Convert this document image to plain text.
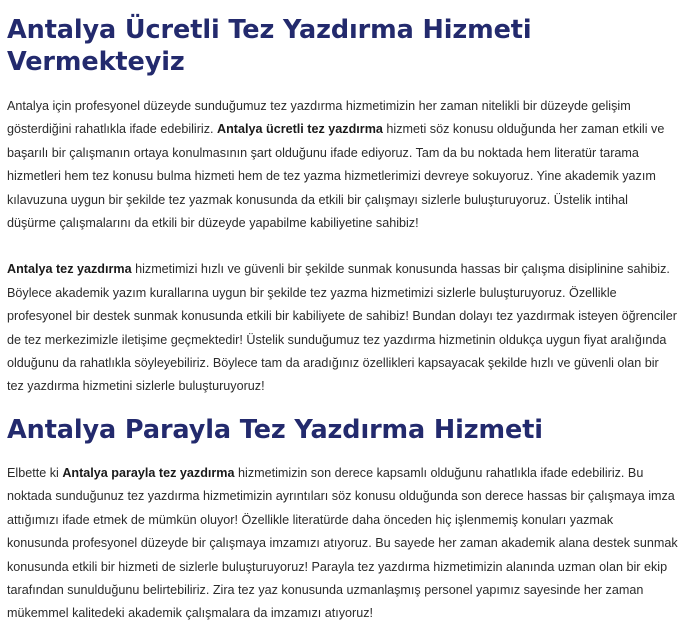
Antalya Ücretli Tez Yazdırma Hizmeti Vermekteyiz

Antalya için profesyonel düzeyde sunduğumuz tez yazdırma hizmetimizin her zaman nitelikli bir düzeyde gelişim gösterdiğini rahatlıkla ifade edebiliriz. Antalya ücretli tez yazdırma hizmeti söz konusu olduğunda her zaman etkili ve başarılı bir çalışmanın ortaya konulmasının şart olduğunu ifade ediyoruz. Tam da bu noktada hem literatür tarama hizmetleri hem tez konusu bulma hizmeti hem de tez yazma hizmetlerimizi devreye sokuyoruz. Yine akademik yazım kılavuzuna uygun bir şekilde tez yazmak konusunda da etkili bir çalışmayı sizlerle buluşturuyoruz. Üstelik intihal düşürme çalışmalarını da etkili bir düzeyde yapabilme kabiliyetine sahibiz!

Antalya tez yazdırma hizmetimizi hızlı ve güvenli bir şekilde sunmak konusunda hassas bir çalışma disiplinine sahibiz. Böylece akademik yazım kurallarına uygun bir şekilde tez yazma hizmetimizi sizlerle buluşturuyoruz. Özellikle profesyonel bir destek sunmak konusunda etkili bir kabiliyete de sahibiz! Bundan dolayı tez yazdırmak isteyen öğrenciler de tez merkezimizle iletişime geçmektedir! Üstelik sunduğumuz tez yazdırma hizmetinin oldukça uygun fiyat aralığında olduğunu da rahatlıkla söyleyebiliriz. Böylece tam da aradığınız özellikleri kapsayacak şekilde hızlı ve güvenli olan bir tez yazdırma hizmetini sizlerle buluşturuyoruz!

Antalya Parayla Tez Yazdırma Hizmeti

Elbette ki Antalya parayla tez yazdırma hizmetimizin son derece kapsamlı olduğunu rahatlıkla ifade edebiliriz. Bu noktada sunduğunuz tez yazdırma hizmetimizin ayrıntıları söz konusu olduğunda son derece hassas bir çalışmaya imza attığımızı ifade etmek de mümkün oluyor! Özellikle literatürde daha önceden hiç işlenmemiş konuları yazmak konusunda profesyonel düzeyde bir çalışmaya imzamızı atıyoruz. Bu sayede her zaman akademik alana destek sunmak konusunda etkili bir hizmeti de sizlerle buluşturuyoruz! Parayla tez yazdırma hizmetimizin alanında uzman olan bir ekip tarafından sunulduğunu belirtebiliriz. Zira tez yaz konusunda uzmanlaşmış personel yapımız sayesinde her zaman mükemmel kalitedeki akademik çalışmalara da imzamızı atıyoruz!
